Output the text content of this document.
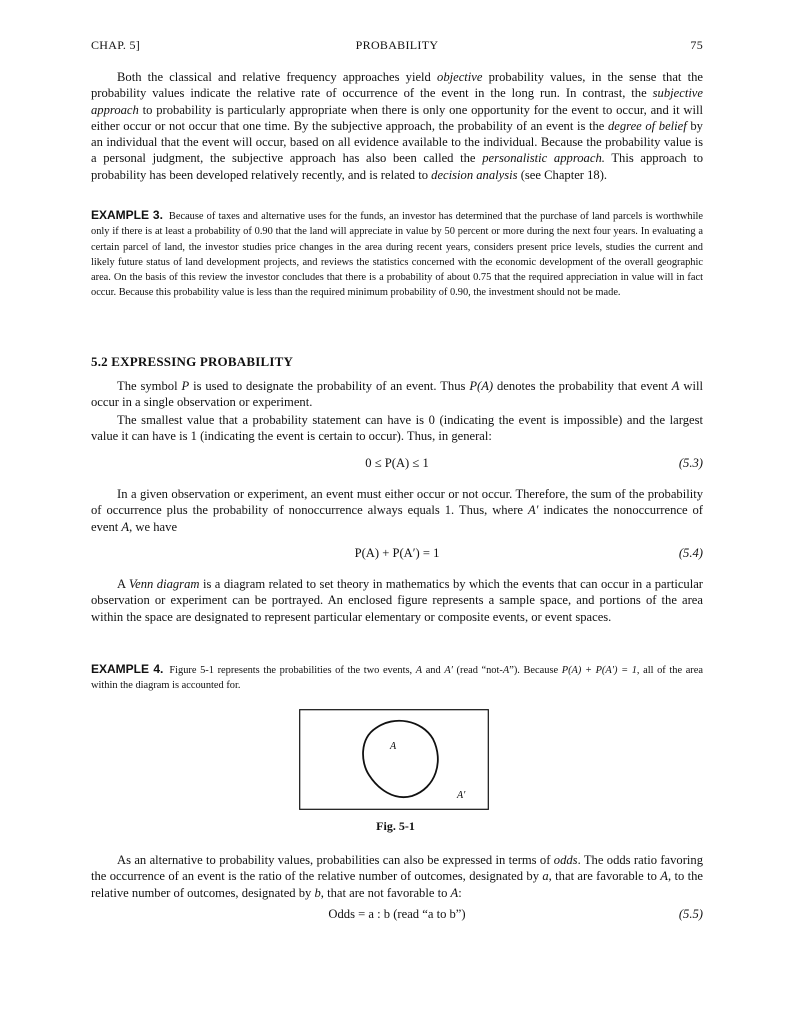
CHAP. 5]	PROBABILITY	75

Both the classical and relative frequency approaches yield objective probability values, in the sense that the probability values indicate the relative rate of occurrence of the event in the long run. In contrast, the subjective approach to probability is particularly appropriate when there is only one opportunity for the event to occur, and it will either occur or not occur that one time. By the subjective approach, the probability of an event is the degree of belief by an individual that the event will occur, based on all evidence available to the individual. Because the probability value is a personal judgment, the subjective approach has also been called the personalistic approach. This approach to probability has been developed relatively recently, and is related to decision analysis (see Chapter 18).

EXAMPLE 3. Because of taxes and alternative uses for the funds, an investor has determined that the purchase of land parcels is worthwhile only if there is at least a probability of 0.90 that the land will appreciate in value by 50 percent or more during the next four years. In evaluating a certain parcel of land, the investor studies price changes in the area during recent years, considers present price levels, studies the current and likely future status of land development projects, and reviews the statistics concerned with the economic development of the overall geographic area. On the basis of this review the investor concludes that there is a probability of about 0.75 that the required appreciation in value will in fact occur. Because this probability value is less than the required minimum probability of 0.90, the investment should not be made.

5.2 EXPRESSING PROBABILITY

The symbol P is used to designate the probability of an event. Thus P(A) denotes the probability that event A will occur in a single observation or experiment.

The smallest value that a probability statement can have is 0 (indicating the event is impossible) and the largest value it can have is 1 (indicating the event is certain to occur). Thus, in general:

0 ≤ P(A) ≤ 1	(5.3)

In a given observation or experiment, an event must either occur or not occur. Therefore, the sum of the probability of occurrence plus the probability of nonoccurrence always equals 1. Thus, where A′ indicates the nonoccurrence of event A, we have

P(A) + P(A′) = 1	(5.4)

A Venn diagram is a diagram related to set theory in mathematics by which the events that can occur in a particular observation or experiment can be portrayed. An enclosed figure represents a sample space, and portions of the area within the space are designated to represent particular elementary or composite events, or event spaces.

EXAMPLE 4. Figure 5-1 represents the probabilities of the two events, A and A′ (read “not-A”). Because P(A) + P(A′) = 1, all of the area within the diagram is accounted for.

A
A′
Fig. 5-1

As an alternative to probability values, probabilities can also be expressed in terms of odds. The odds ratio favoring the occurrence of an event is the ratio of the relative number of outcomes, designated by a, that are favorable to A, to the relative number of outcomes, designated by b, that are not favorable to A:

Odds = a : b (read “a to b”)	(5.5)
